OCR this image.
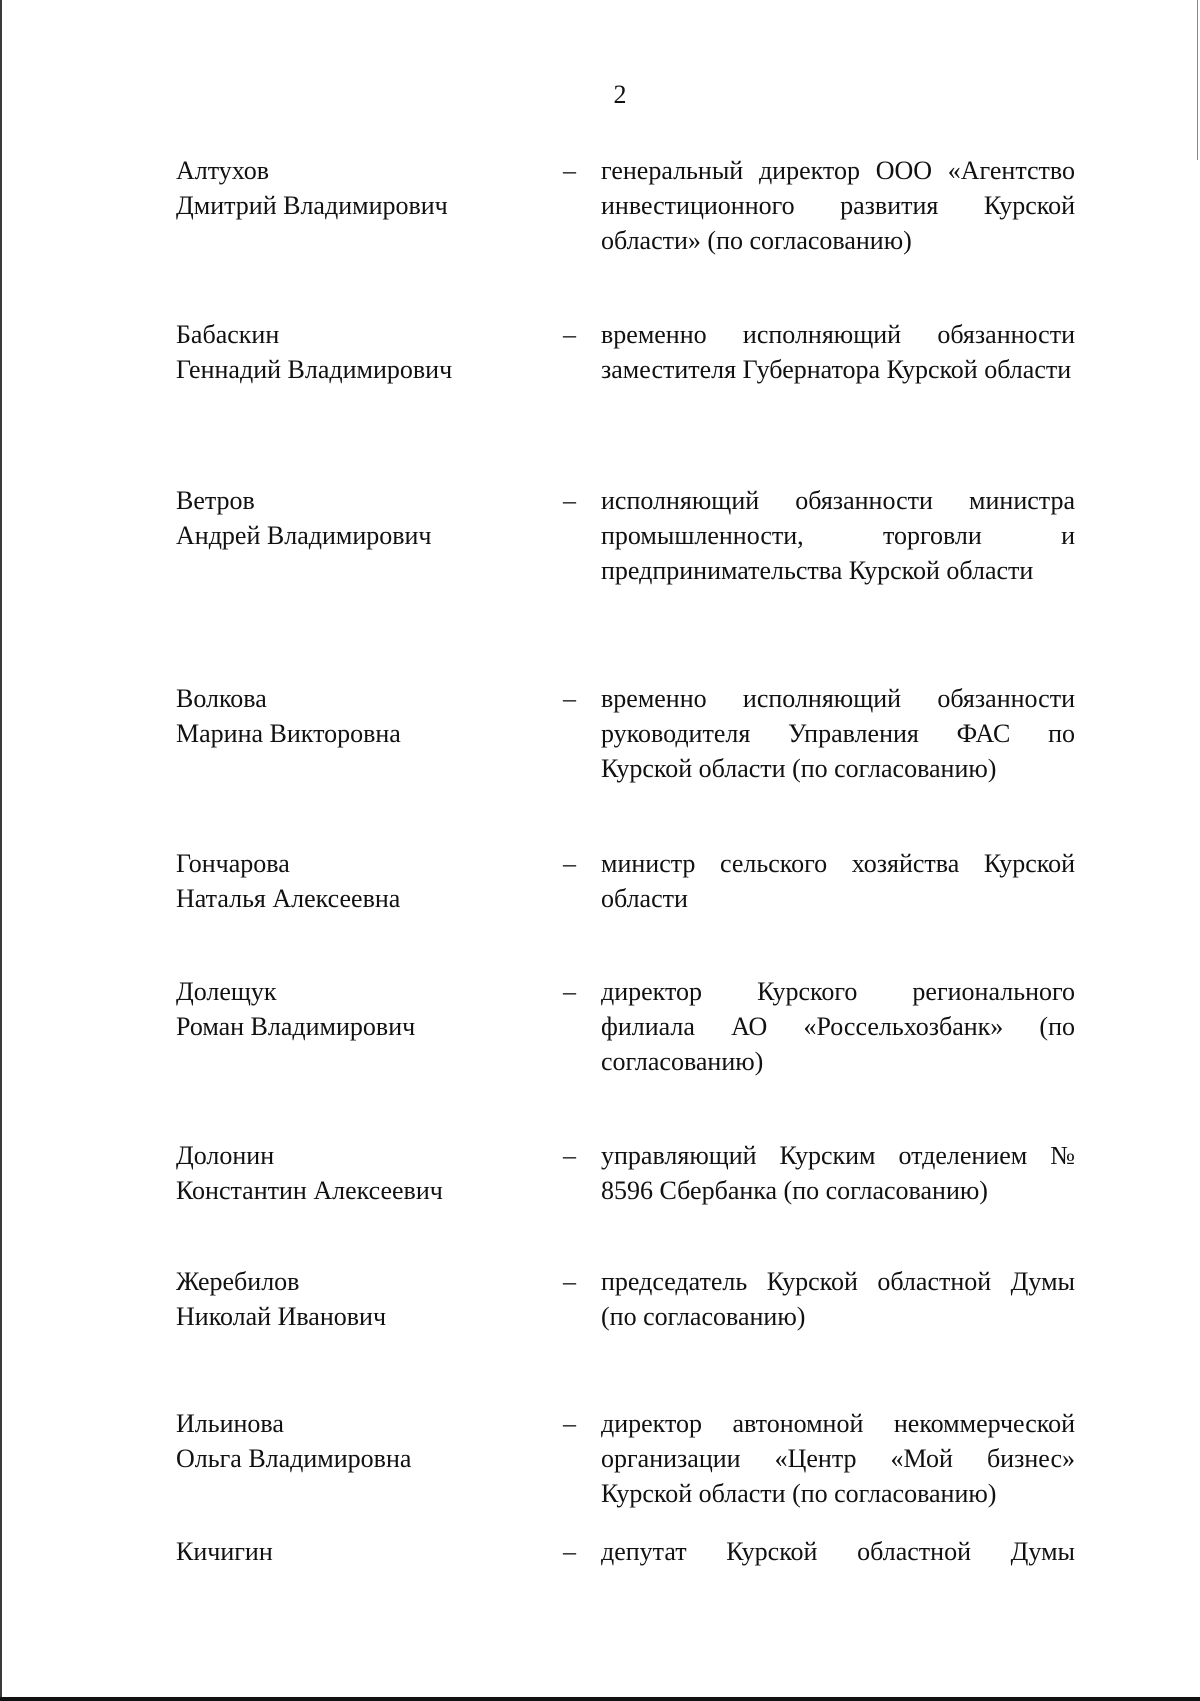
2
Алтухов
Дмитрий Владимирович
– генеральный директор ООО «Агентство инвестиционного развития Курской области» (по согласованию)
Бабаскин
Геннадий Владимирович
– временно исполняющий обязанности заместителя Губернатора Курской области
Ветров
Андрей Владимирович
– исполняющий обязанности министра промышленности, торговли и предпринимательства Курской области
Волкова
Марина Викторовна
– временно исполняющий обязанности руководителя Управления ФАС по Курской области (по согласованию)
Гончарова
Наталья Алексеевна
– министр сельского хозяйства Курской области
Долещук
Роман Владимирович
– директор Курского регионального филиала АО «Россельхозбанк» (по согласованию)
Долонин
Константин Алексеевич
– управляющий Курским отделением № 8596 Сбербанка (по согласованию)
Жеребилов
Николай Иванович
– председатель Курской областной Думы (по согласованию)
Ильинова
Ольга Владимировна
– директор автономной некоммерческой организации «Центр «Мой бизнес» Курской области (по согласованию)
Кичигин	– депутат Курской областной Думы
